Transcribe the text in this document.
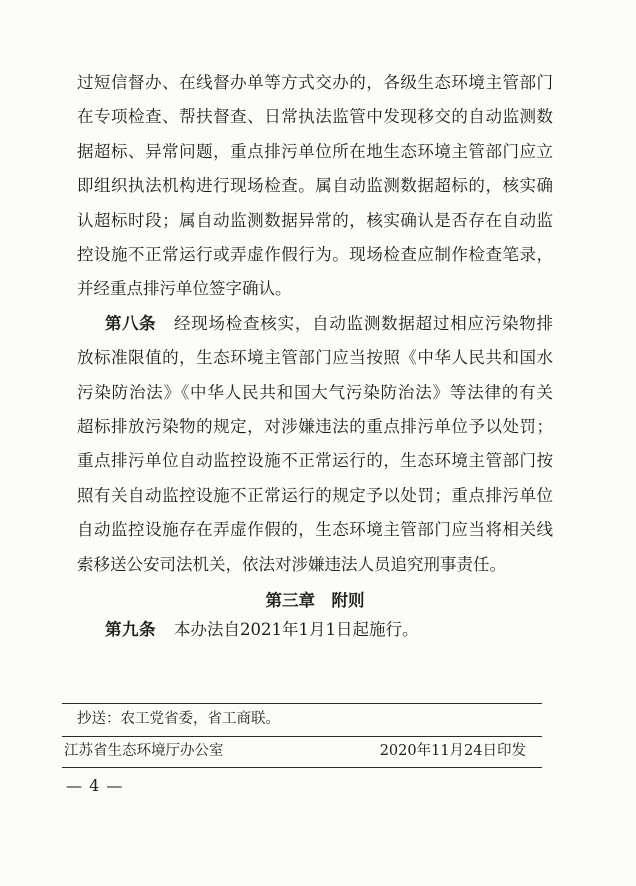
过短信督办、在线督办单等方式交办的，各级生态环境主管部门
在专项检查、帮扶督查、日常执法监管中发现移交的自动监测数
据超标、异常问题，重点排污单位所在地生态环境主管部门应立
即组织执法机构进行现场检查。属自动监测数据超标的，核实确
认超标时段；属自动监测数据异常的，核实确认是否存在自动监
控设施不正常运行或弄虚作假行为。现场检查应制作检查笔录，
并经重点排污单位签字确认。
第八条 经现场检查核实，自动监测数据超过相应污染物排
放标准限值的，生态环境主管部门应当按照《中华人民共和国水
污染防治法》《中华人民共和国大气污染防治法》等法律的有关
超标排放污染物的规定，对涉嫌违法的重点排污单位予以处罚；
重点排污单位自动监控设施不正常运行的，生态环境主管部门按
照有关自动监控设施不正常运行的规定予以处罚；重点排污单位
自动监控设施存在弄虚作假的，生态环境主管部门应当将相关线
索移送公安司法机关，依法对涉嫌违法人员追究刑事责任。
第三章　附则
第九条 本办法自2021年1月1日起施行。
抄送：农工党省委，省工商联。
江苏省生态环境厅办公室	2020年11月24日印发
— 4 —
